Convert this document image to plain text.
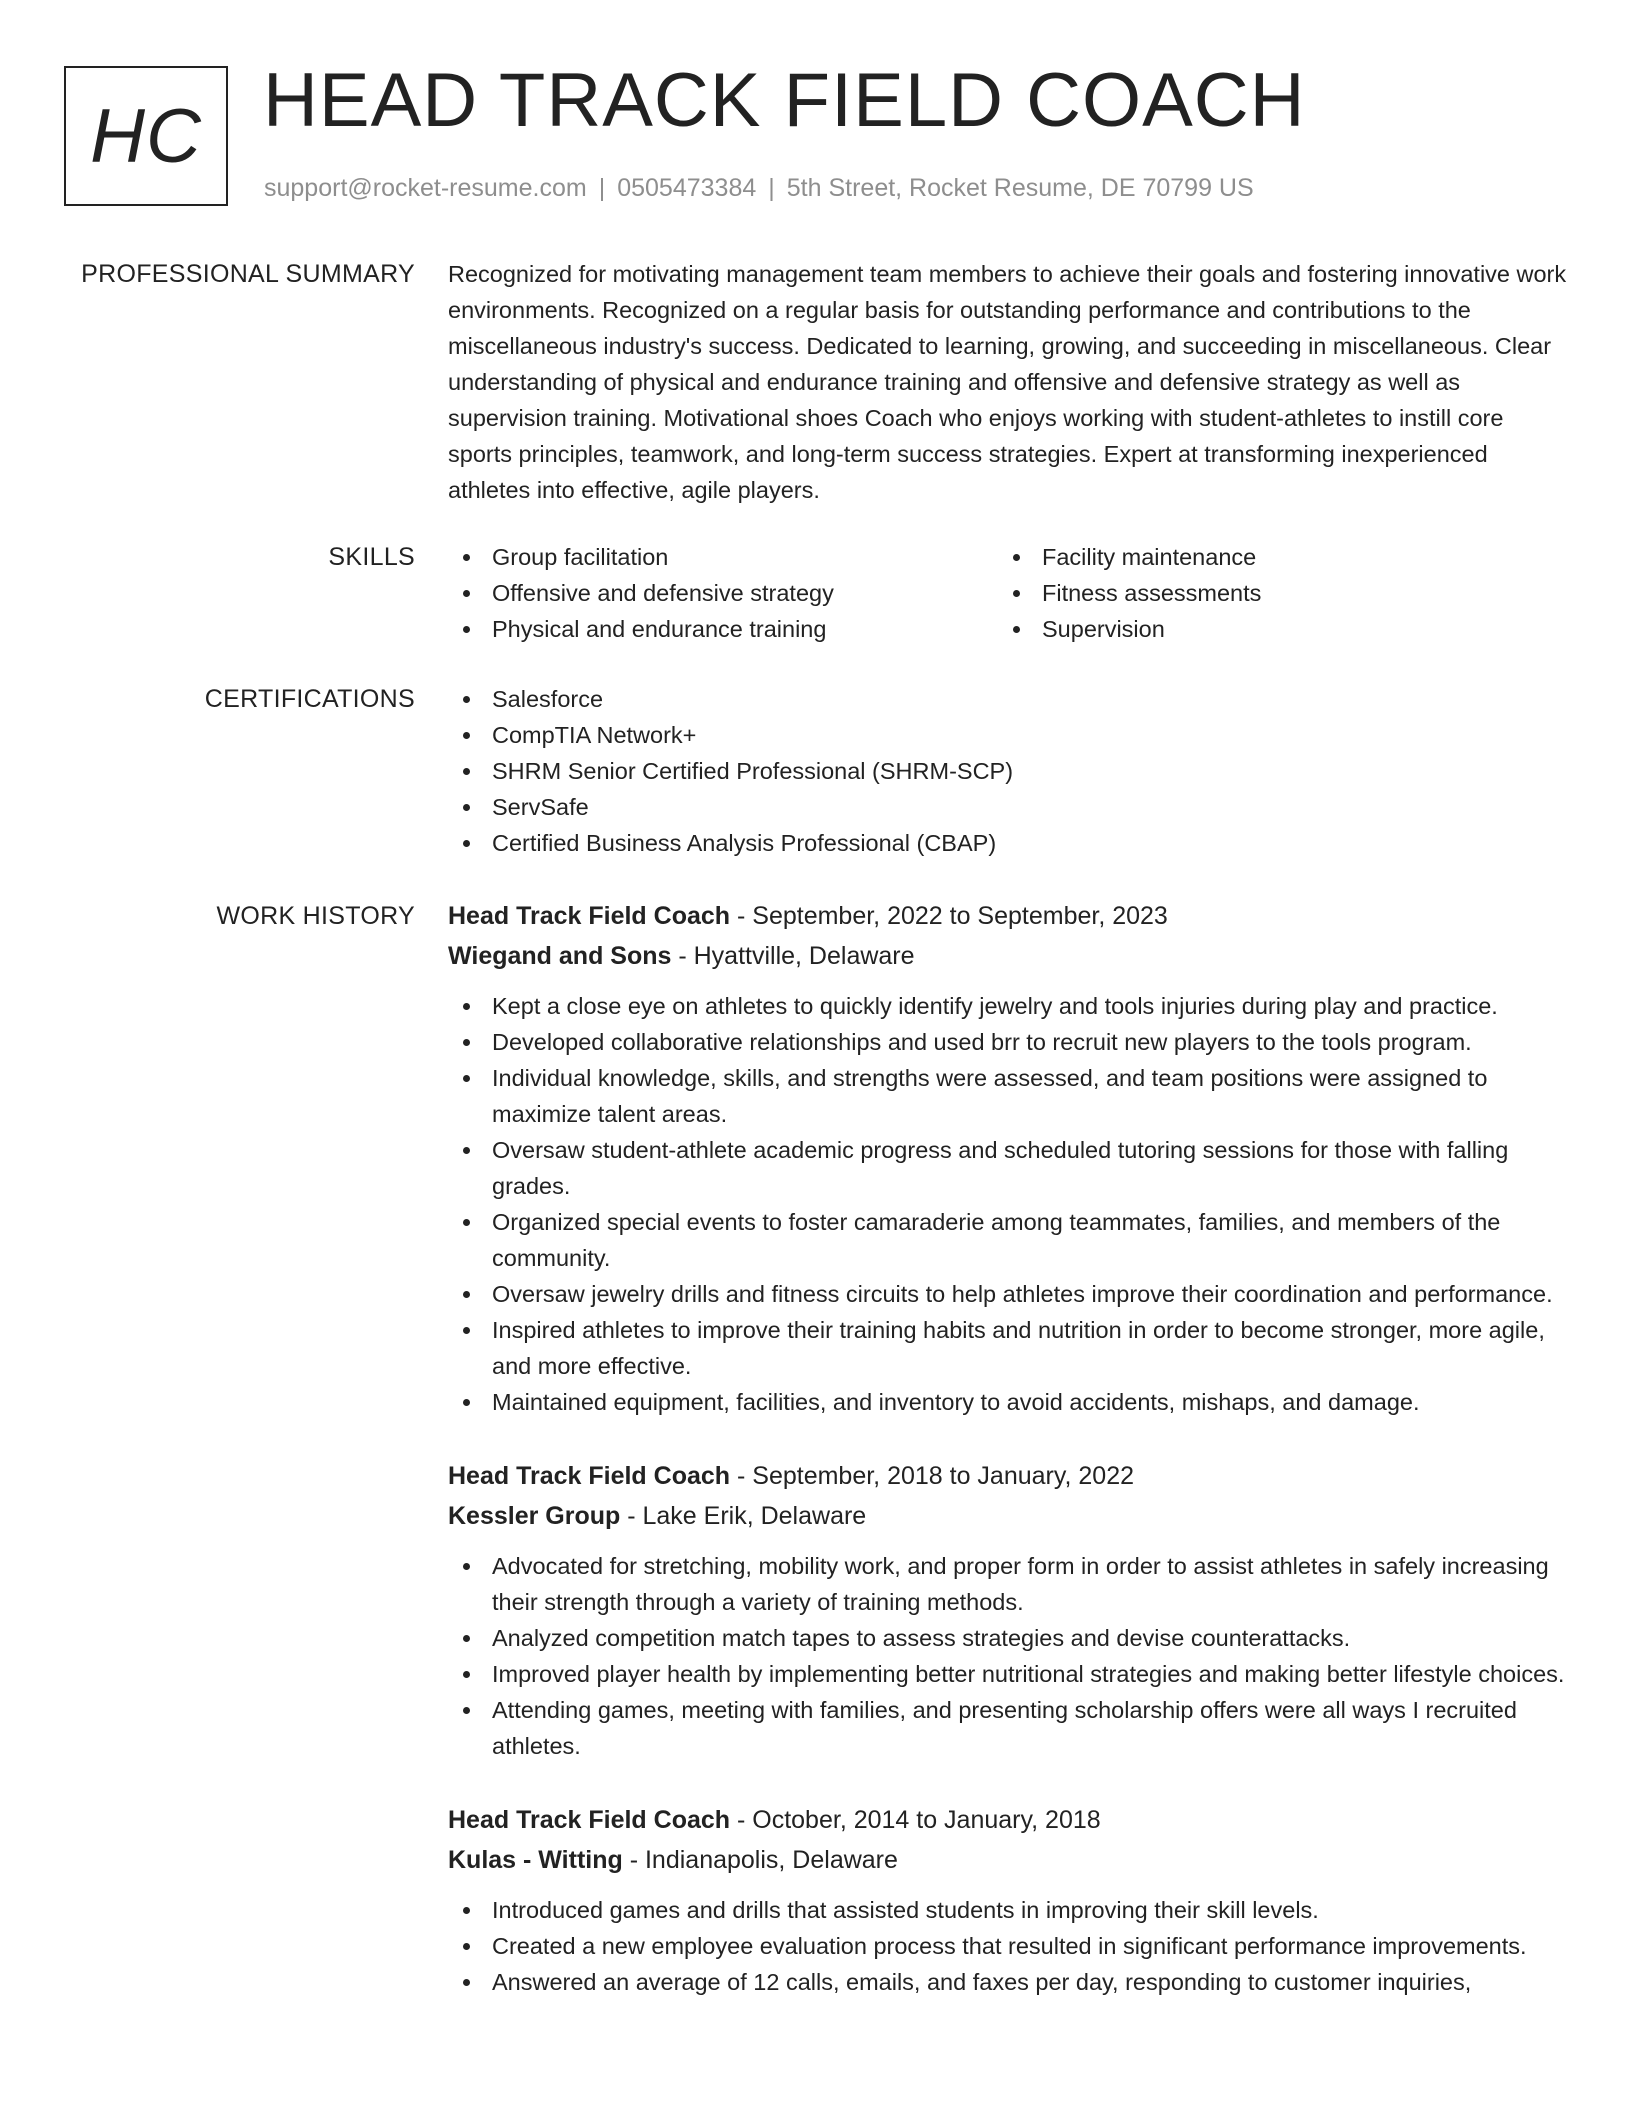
HC HEAD TRACK FIELD COACH
support@rocket-resume.com | 0505473384 | 5th Street, Rocket Resume, DE 70799 US
PROFESSIONAL SUMMARY Recognized for motivating management team members to achieve their goals and fostering innovative work environments. Recognized on a regular basis for outstanding performance and contributions to the miscellaneous industry's success. Dedicated to learning, growing, and succeeding in miscellaneous. Clear understanding of physical and endurance training and offensive and defensive strategy as well as supervision training. Motivational shoes Coach who enjoys working with student-athletes to instill core sports principles, teamwork, and long-term success strategies. Expert at transforming inexperienced athletes into effective, agile players.

SKILLS	Group facilitation
Offensive and defensive strategy
Physical and endurance training
Facility maintenance
Fitness assessments
Supervision
CERTIFICATIONS	Salesforce
CompTIA Network+
SHRM Senior Certified Professional (SHRM-SCP)
ServSafe
Certified Business Analysis Professional (CBAP)
WORK HISTORY Head Track Field Coach - September, 2022 to September, 2023
Wiegand and Sons - Hyattville, Delaware
Kept a close eye on athletes to quickly identify jewelry and tools injuries during play and practice.
Developed collaborative relationships and used brr to recruit new players to the tools program.
Individual knowledge, skills, and strengths were assessed, and team positions were assigned to maximize talent areas.
Oversaw student-athlete academic progress and scheduled tutoring sessions for those with falling grades.
Organized special events to foster camaraderie among teammates, families, and members of the community.
Oversaw jewelry drills and fitness circuits to help athletes improve their coordination and performance.
Inspired athletes to improve their training habits and nutrition in order to become stronger, more agile, and more effective.
Maintained equipment, facilities, and inventory to avoid accidents, mishaps, and damage.
Head Track Field Coach - September, 2018 to January, 2022
Kessler Group - Lake Erik, Delaware
Advocated for stretching, mobility work, and proper form in order to assist athletes in safely increasing their strength through a variety of training methods.
Analyzed competition match tapes to assess strategies and devise counterattacks.
Improved player health by implementing better nutritional strategies and making better lifestyle choices.
Attending games, meeting with families, and presenting scholarship offers were all ways I recruited athletes.
Head Track Field Coach - October, 2014 to January, 2018
Kulas - Witting - Indianapolis, Delaware
Introduced games and drills that assisted students in improving their skill levels.
Created a new employee evaluation process that resulted in significant performance improvements.
Answered an average of 12 calls, emails, and faxes per day, responding to customer inquiries,
